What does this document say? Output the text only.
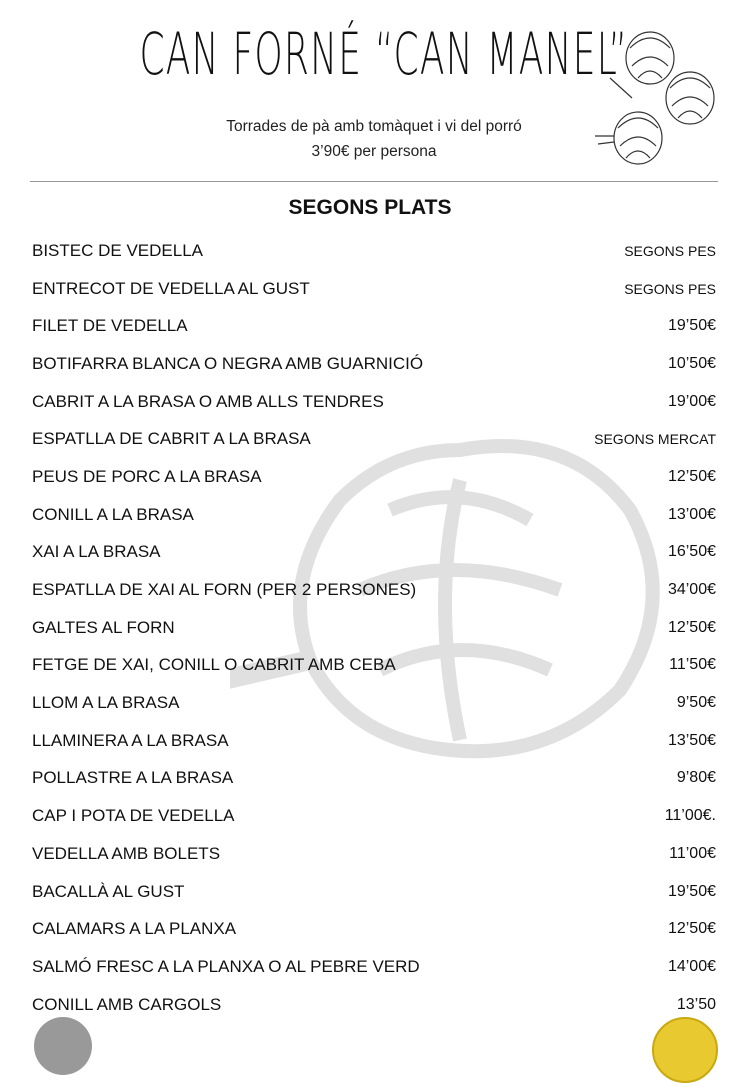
CAN FORNÉ “CAN MANEL”
Torrades de pà amb tomàquet i vi del porró
3’90€ per persona
SEGONS PLATS
BISTEC DE VEDELLA	SEGONS PES
ENTRECOT DE VEDELLA AL GUST	SEGONS PES
FILET DE VEDELLA	19’50€
BOTIFARRA BLANCA O NEGRA AMB GUARNICIÓ	10’50€
CABRIT A LA BRASA O AMB ALLS TENDRES	19’00€
ESPATLLA DE CABRIT A LA BRASA	SEGONS MERCAT
PEUS DE PORC A LA BRASA	12’50€
CONILL A LA BRASA	13’00€
XAI A LA BRASA	16’50€
ESPATLLA DE XAI AL FORN (PER 2 PERSONES)	34’00€
GALTES AL FORN	12’50€
FETGE DE XAI, CONILL O CABRIT AMB CEBA	11’50€
LLOM A LA BRASA	9’50€
LLAMINERA A LA BRASA	13’50€
POLLASTRE A LA BRASA	9’80€
CAP I POTA DE VEDELLA	11’00€.
VEDELLA AMB BOLETS	11’00€
BACALLÀ AL GUST	19’50€
CALAMARS A LA PLANXA	12’50€
SALMÓ FRESC A LA PLANXA O AL PEBRE VERD	14’00€
CONILL AMB CARGOLS	13’50
